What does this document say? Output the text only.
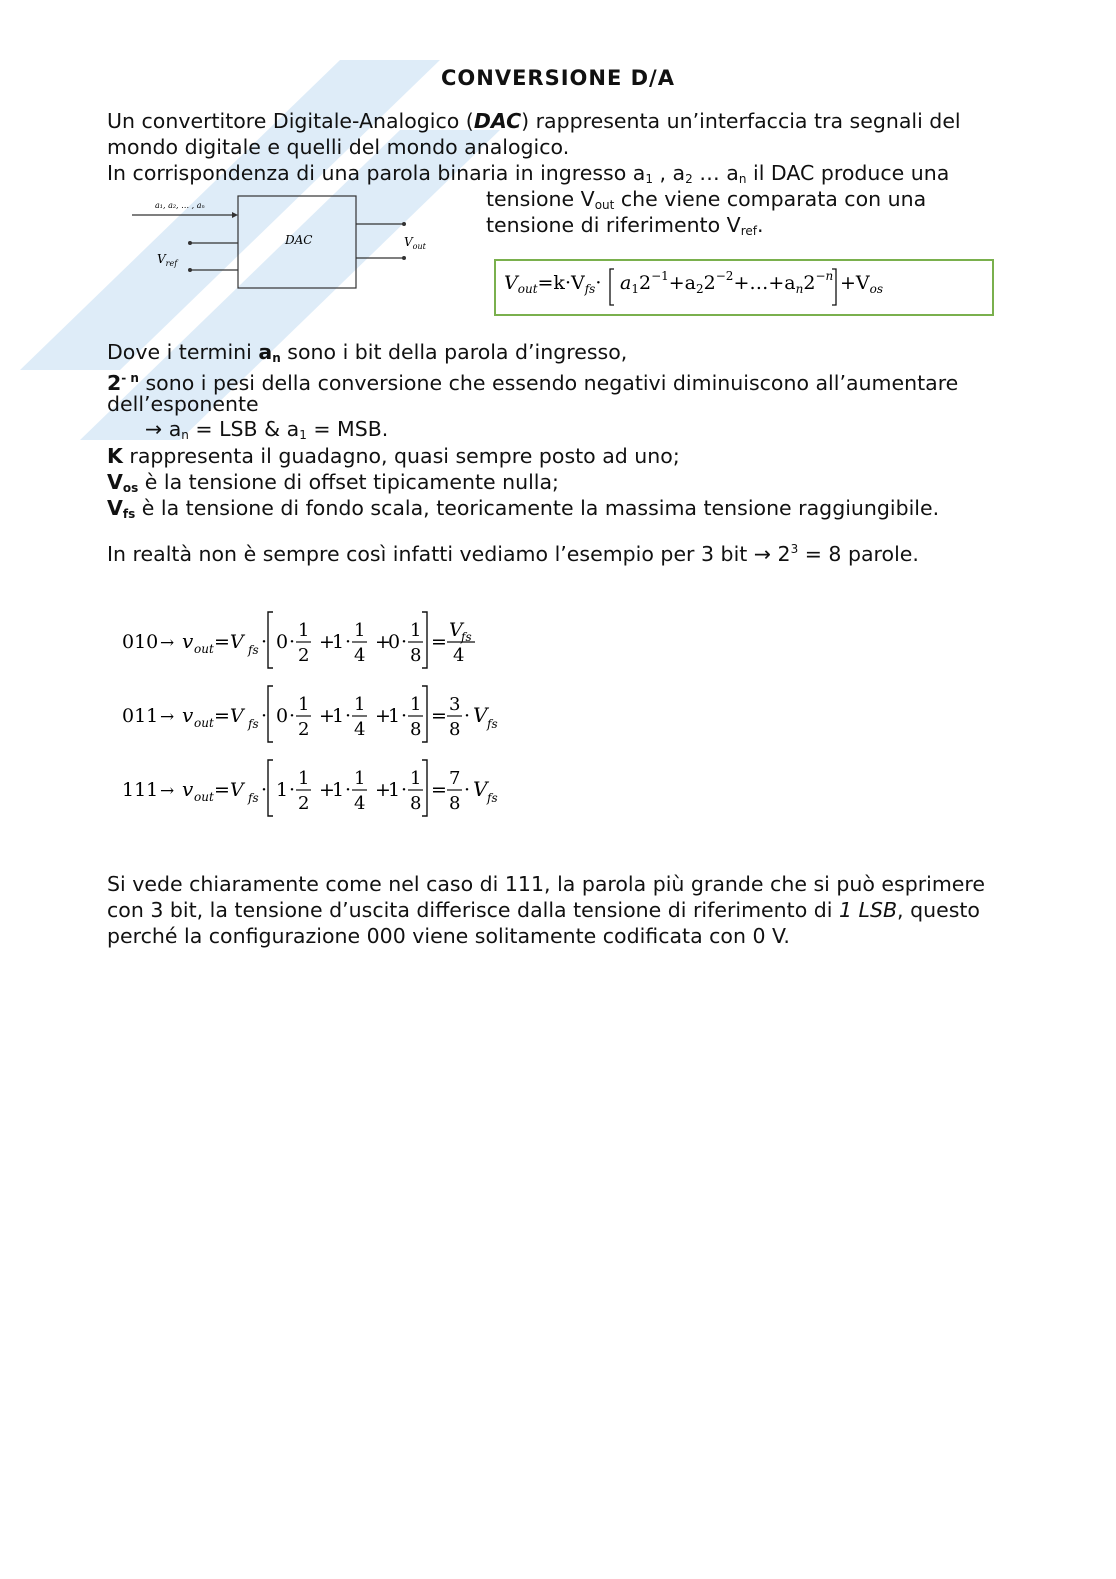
CONVERSIONE D/A
Un convertitore Digitale-Analogico (DAC) rappresenta un’interfaccia tra segnali del
mondo digitale e quelli del mondo analogico.
In corrispondenza di una parola binaria in ingresso $a_1$ , $a_2$ … $a_n$ il DAC produce una
tensione $V_{out}$ che viene comparata con una
tensione di riferimento $V_{ref}$.
a₁, a₂, … , aₙ
DAC
$V_{ref}$
$V_{out}$
$V_{out}=k\cdot V_{fs}\cdot$ $a_12^{-1}+a_22^{-2}+\dots+a_n2^{-n} +V_{os}$
Dove i termini $a_n$ sono i bit della parola d’ingresso,
$2^{- n}$ sono i pesi della conversione che essendo negativi diminuiscono all’aumentare
dell’esponente
→ $a_n$ = LSB & $a_1$ = MSB.
K rappresenta il guadagno, quasi sempre posto ad uno;
$V_{os}$ è la tensione di offset tipicamente nulla;
$V_{fs}$ è la tensione di fondo scala, teoricamente la massima tensione raggiungibile.
In realtà non è sempre così infatti vediamo l’esempio per 3 bit → $2^3 = 8$ parole.
010 → v out =V fs · 0 ·
1
2
+
1 ·
1
4
+
0 ·
1
8
=
V
fs
4
011 → v out =V fs · 0 ·
1
2
+
1 ·
1
4
+
1 ·
1
8
=
3
8
· V fs
111 → v out =V fs · 1 ·
1
2
+
1 ·
1
4
+
1 ·
1
8
=
7
8
· V fs
Si vede chiaramente come nel caso di 111, la parola più grande che si può esprimere
con 3 bit, la tensione d’uscita differisce dalla tensione di riferimento di 1 LSB, questo
perché la configurazione 000 viene solitamente codificata con 0 V.
